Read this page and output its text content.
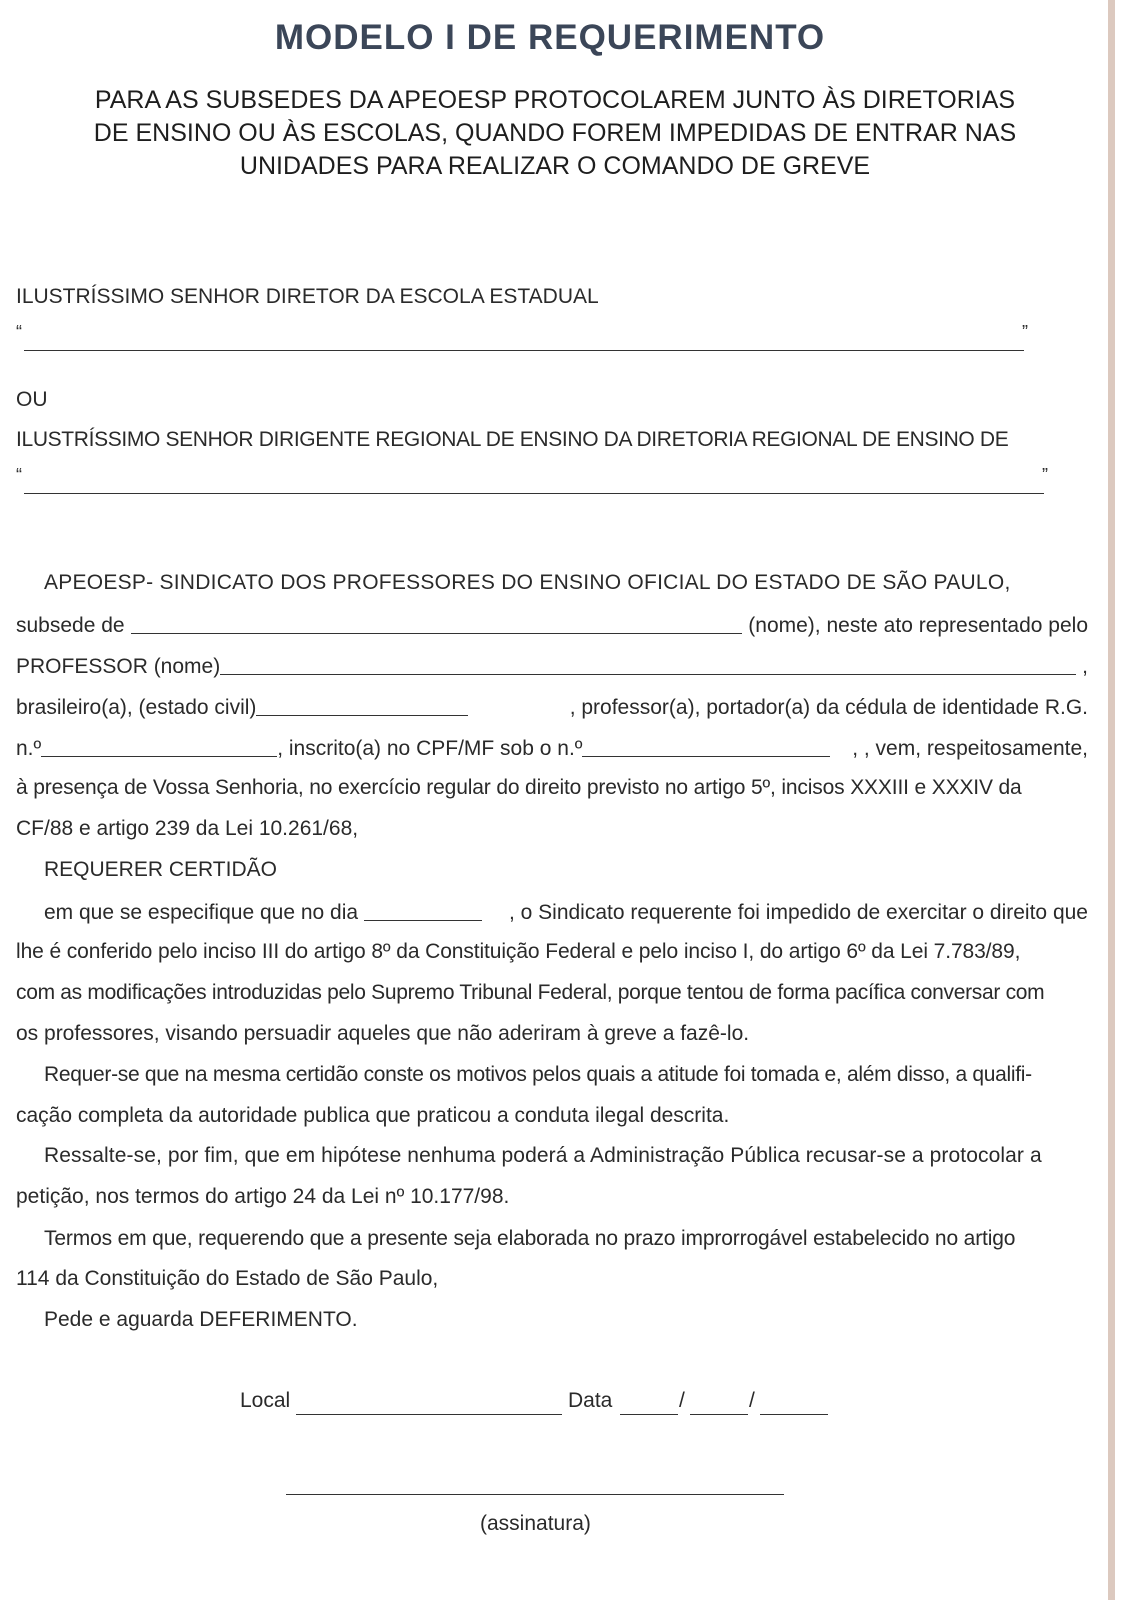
MODELO I DE REQUERIMENTO
PARA AS SUBSEDES DA APEOESP PROTOCOLAREM JUNTO ÀS DIRETORIAS
DE ENSINO OU ÀS ESCOLAS, QUANDO FOREM IMPEDIDAS DE ENTRAR NAS
UNIDADES PARA REALIZAR O COMANDO DE GREVE
ILUSTRÍSSIMO SENHOR DIRETOR DA ESCOLA ESTADUAL
“	”
OU
ILUSTRÍSSIMO SENHOR DIRIGENTE REGIONAL DE ENSINO DA DIRETORIA REGIONAL DE ENSINO DE
“	”
APEOESP- SINDICATO DOS PROFESSORES DO ENSINO OFICIAL DO ESTADO DE SÃO PAULO,
subsede de	(nome), neste ato representado pelo
PROFESSOR (nome)	,
brasileiro(a), (estado civil)	, professor(a), portador(a) da cédula de identidade R.G.
n.º	, inscrito(a) no CPF/MF sob o n.º	, , vem, respeitosamente,
à presença de Vossa Senhoria, no exercício regular do direito previsto no artigo 5º, incisos XXXIII e XXXIV da
CF/88 e artigo 239 da Lei 10.261/68,
REQUERER CERTIDÃO
em que se especifique que no dia	, o Sindicato requerente foi impedido de exercitar o direito que
lhe é conferido pelo inciso III do artigo 8º da Constituição Federal e pelo inciso I, do artigo 6º da Lei 7.783/89,
com as modificações introduzidas pelo Supremo Tribunal Federal, porque tentou de forma pacífica conversar com
os professores, visando persuadir aqueles que não aderiram à greve a fazê-lo.
Requer-se que na mesma certidão conste os motivos pelos quais a atitude foi tomada e, além disso, a qualifi-
cação completa da autoridade publica que praticou a conduta ilegal descrita.
Ressalte-se, por fim, que em hipótese nenhuma poderá a Administração Pública recusar-se a protocolar a
petição, nos termos do artigo 24 da Lei nº 10.177/98.
Termos em que, requerendo que a presente seja elaborada no prazo improrrogável estabelecido no artigo
114 da Constituição do Estado de São Paulo,
Pede e aguarda DEFERIMENTO.
Local	Data	/	/
(assinatura)
